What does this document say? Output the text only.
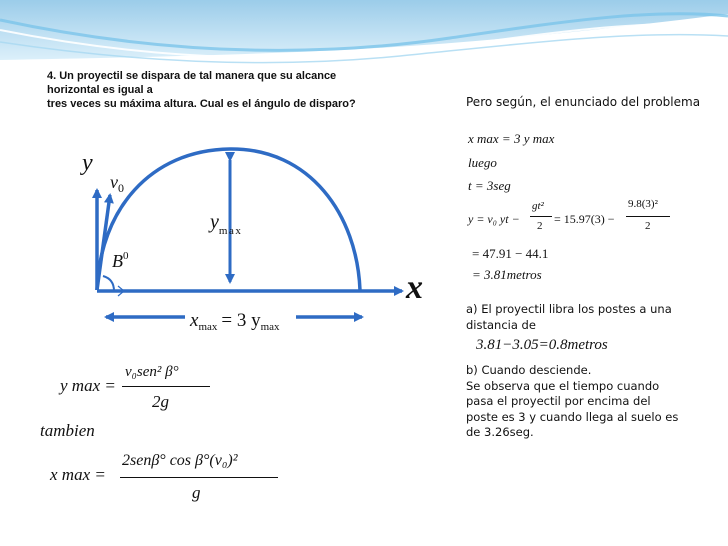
4. Un proyectil se dispara de tal manera que su alcance
horizontal es igual a
tres veces su máxima altura. Cual es el ángulo de disparo?
y
$v_0$
$y_{max}$
$B^0$
x
$x_{max} = 3$ $y_{max}$
y max =
v₀sen² β°
2g
tambien
x max =
2senβ° cos β°(v₀)²
g
Pero según, el enunciado del problema
x max = 3 y max
luego
t = 3seg
y = v₀ yt −
gt²
2 = 15.97(3) −
9.8(3)²
2
= 47.91 − 44.1
= 3.81metros
a) El proyectil libra los postes a una
distancia de
3.81−3.05=0.8metros
b) Cuando desciende.
Se observa que el tiempo cuando
pasa el proyectil por encima del
poste es 3 y cuando llega al suelo es
de 3.26seg.
